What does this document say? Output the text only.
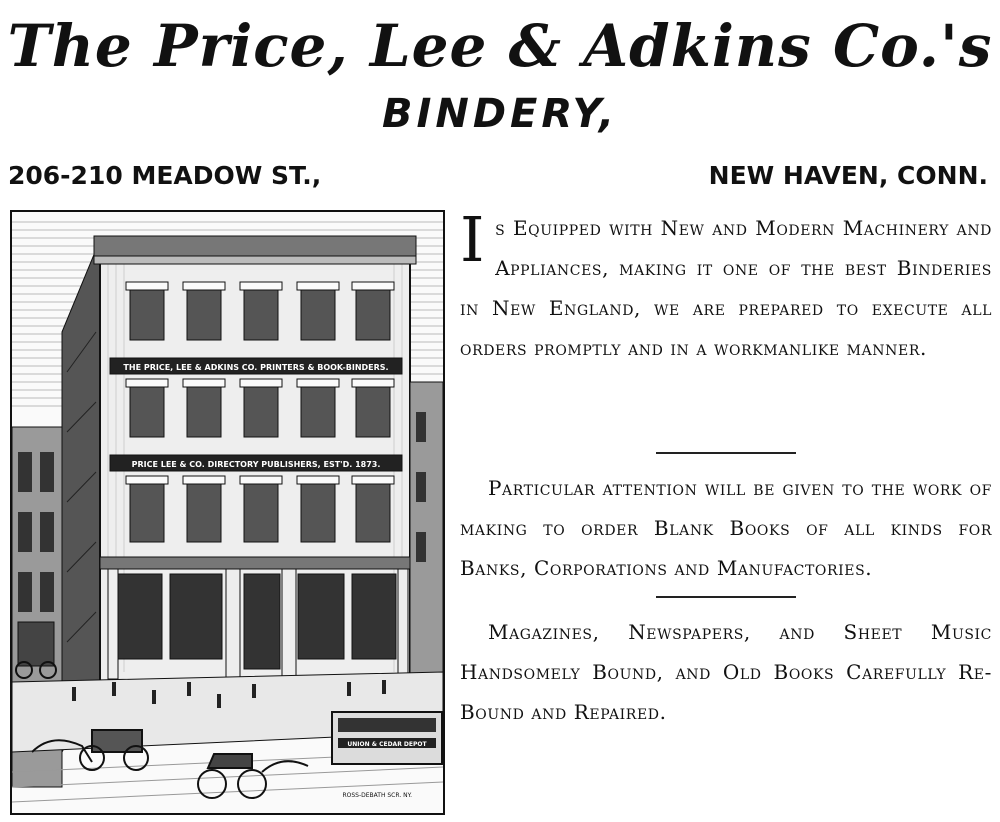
The Price, Lee & Adkins Co.'s
BINDERY,
206-210 MEADOW ST.,	NEW HAVEN, CONN.
THE PRICE, LEE & ADKINS CO. PRINTERS & BOOK-BINDERS.
PRICE LEE & CO. DIRECTORY PUBLISHERS, EST'D. 1873.
UNION & CEDAR DEPOT
ROSS-DEBATH SCR. NY.
Is Equipped with New and Modern Machinery and Appliances, making it one of the best Binderies in New England, we are prepared to execute all orders promptly and in a workmanlike manner.

Particular attention will be given to the work of making to order Blank Books of all kinds for Banks, Corporations and Manufactories.

Magazines, Newspapers, and Sheet Music Handsomely Bound, and Old Books Carefully Re-Bound and Repaired.
